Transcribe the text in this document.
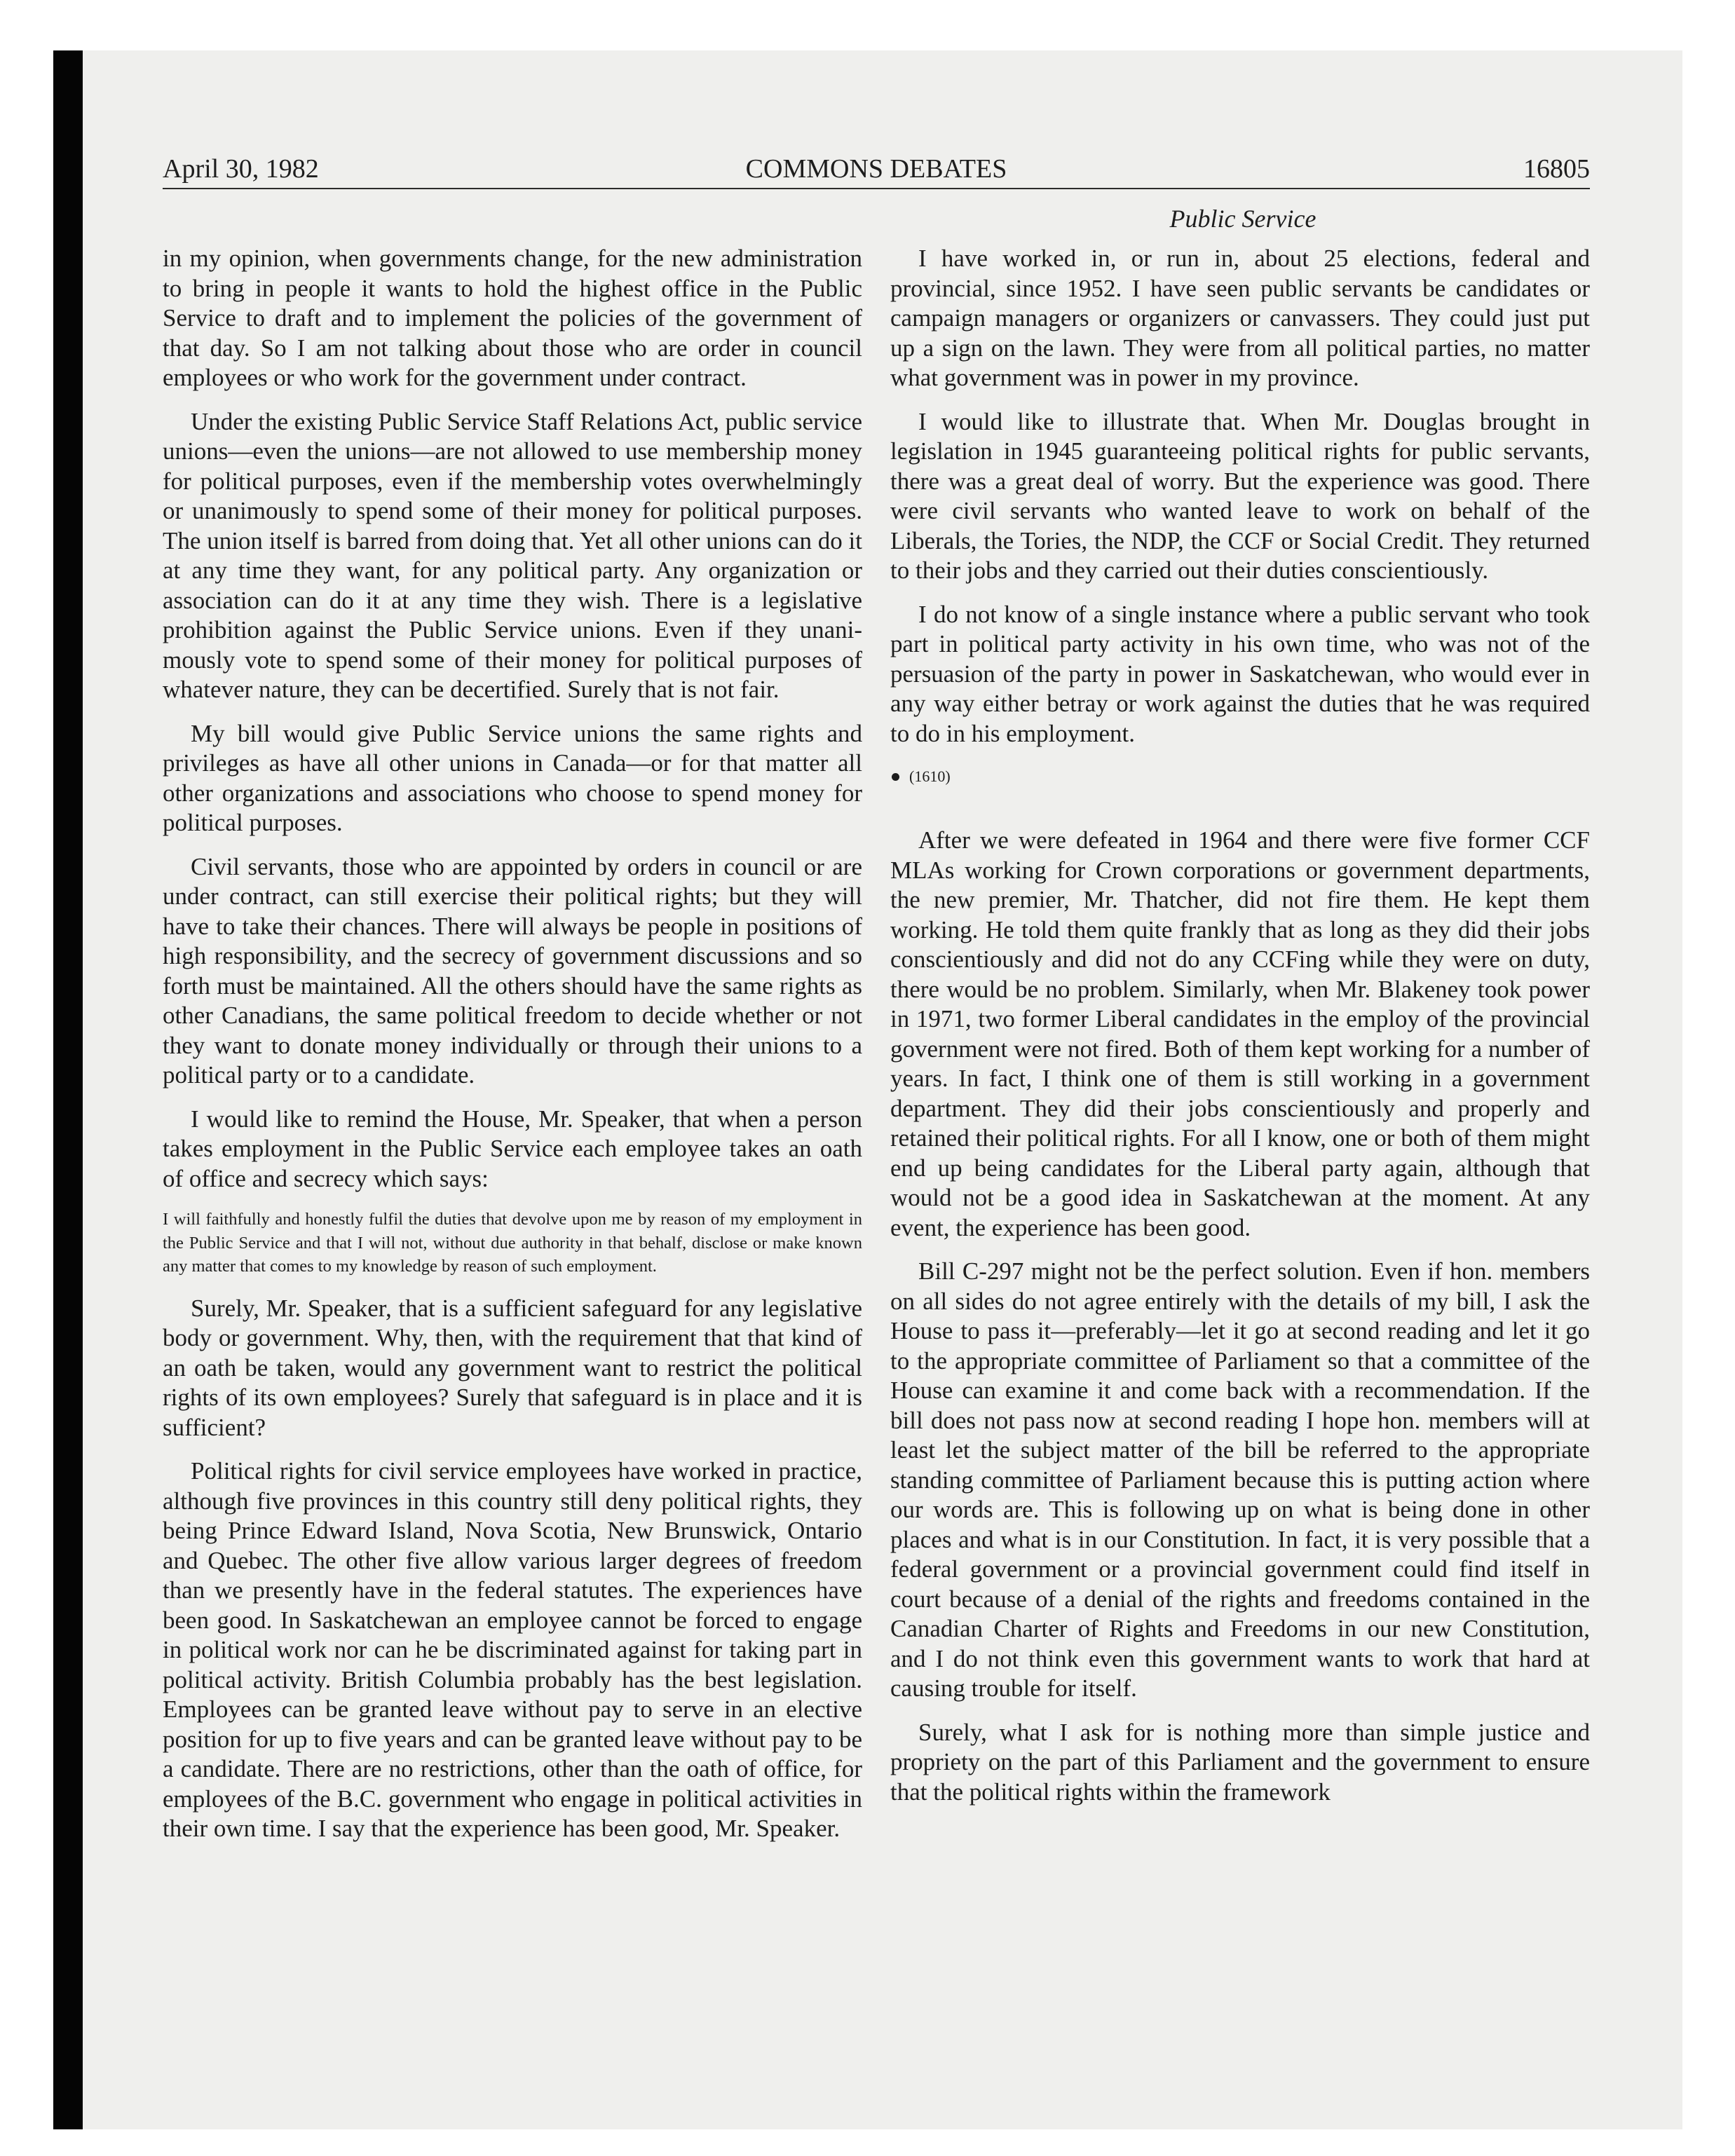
April 30, 1982	COMMONS DEBATES	16805
Public Service

in my opinion, when governments change, for the new administration to bring in people it wants to hold the highest office in the Public Service to draft and to implement the policies of the government of that day. So I am not talking about those who are order in council employees or who work for the government under contract.

Under the existing Public Service Staff Relations Act, public service unions—even the unions—are not allowed to use membership money for political purposes, even if the membership votes overwhelmingly or unanimously to spend some of their money for political purposes. The union itself is barred from doing that. Yet all other unions can do it at any time they want, for any political party. Any organization or association can do it at any time they wish. There is a legislative prohibition against the Public Service unions. Even if they unanimously vote to spend some of their money for political purposes of whatever nature, they can be decertified. Surely that is not fair.

My bill would give Public Service unions the same rights and privileges as have all other unions in Canada—or for that matter all other organizations and associations who choose to spend money for political purposes.

Civil servants, those who are appointed by orders in council or are under contract, can still exercise their political rights; but they will have to take their chances. There will always be people in positions of high responsibility, and the secrecy of government discussions and so forth must be maintained. All the others should have the same rights as other Canadians, the same political freedom to decide whether or not they want to donate money individually or through their unions to a political party or to a candidate.

I would like to remind the House, Mr. Speaker, that when a person takes employment in the Public Service each employee takes an oath of office and secrecy which says:

I will faithfully and honestly fulfil the duties that devolve upon me by reason of my employment in the Public Service and that I will not, without due authority in that behalf, disclose or make known any matter that comes to my knowledge by reason of such employment.

Surely, Mr. Speaker, that is a sufficient safeguard for any legislative body or government. Why, then, with the requirement that that kind of an oath be taken, would any government want to restrict the political rights of its own employees? Surely that safeguard is in place and it is sufficient?

Political rights for civil service employees have worked in practice, although five provinces in this country still deny political rights, they being Prince Edward Island, Nova Scotia, New Brunswick, Ontario and Quebec. The other five allow various larger degrees of freedom than we presently have in the federal statutes. The experiences have been good. In Saskatchewan an employee cannot be forced to engage in political work nor can he be discriminated against for taking part in political activity. British Columbia probably has the best legislation. Employees can be granted leave without pay to serve in an elective position for up to five years and can be granted leave without pay to be a candidate. There are no restrictions, other than the oath of office, for employees of the B.C. government who engage in political activities in their own time. I say that the experience has been good, Mr. Speaker.

I have worked in, or run in, about 25 elections, federal and provincial, since 1952. I have seen public servants be candidates or campaign managers or organizers or canvassers. They could just put up a sign on the lawn. They were from all political parties, no matter what government was in power in my province.

I would like to illustrate that. When Mr. Douglas brought in legislation in 1945 guaranteeing political rights for public servants, there was a great deal of worry. But the experience was good. There were civil servants who wanted leave to work on behalf of the Liberals, the Tories, the NDP, the CCF or Social Credit. They returned to their jobs and they carried out their duties conscientiously.

I do not know of a single instance where a public servant who took part in political party activity in his own time, who was not of the persuasion of the party in power in Saskatchewan, who would ever in any way either betray or work against the duties that he was required to do in his employment.

(1610)

After we were defeated in 1964 and there were five former CCF MLAs working for Crown corporations or government departments, the new premier, Mr. Thatcher, did not fire them. He kept them working. He told them quite frankly that as long as they did their jobs conscientiously and did not do any CCFing while they were on duty, there would be no problem. Similarly, when Mr. Blakeney took power in 1971, two former Liberal candidates in the employ of the provincial government were not fired. Both of them kept working for a number of years. In fact, I think one of them is still working in a government department. They did their jobs conscientiously and properly and retained their political rights. For all I know, one or both of them might end up being candidates for the Liberal party again, although that would not be a good idea in Saskatchewan at the moment. At any event, the experience has been good.

Bill C-297 might not be the perfect solution. Even if hon. members on all sides do not agree entirely with the details of my bill, I ask the House to pass it—preferably—let it go at second reading and let it go to the appropriate committee of Parliament so that a committee of the House can examine it and come back with a recommendation. If the bill does not pass now at second reading I hope hon. members will at least let the subject matter of the bill be referred to the appropriate standing committee of Parliament because this is putting action where our words are. This is following up on what is being done in other places and what is in our Constitution. In fact, it is very possible that a federal government or a provincial government could find itself in court because of a denial of the rights and freedoms contained in the Canadian Charter of Rights and Freedoms in our new Constitution, and I do not think even this government wants to work that hard at causing trouble for itself.

Surely, what I ask for is nothing more than simple justice and propriety on the part of this Parliament and the government to ensure that the political rights within the framework
